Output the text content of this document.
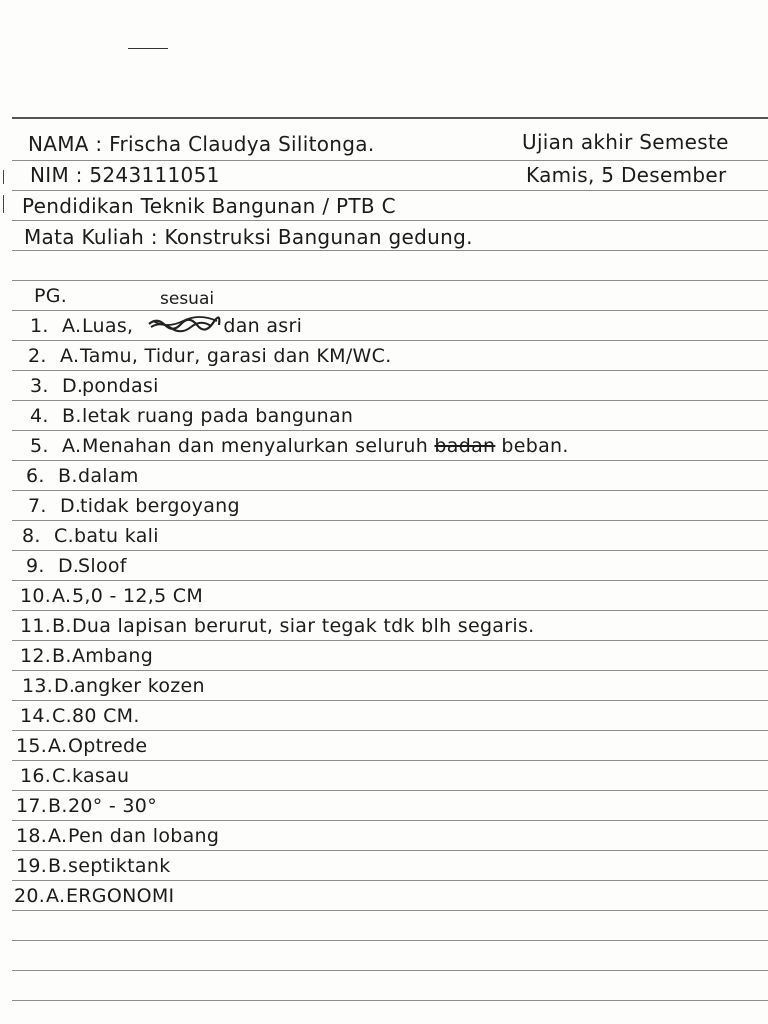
NAMA : Frischa Claudya Silitonga.	Ujian akhir Semeste
NIM : 5243111051	Kamis, 5 Desember
Pendidikan Teknik Bangunan / PTB C
Mata Kuliah : Konstruksi Bangunan gedung.
PG.	sesuai
1. A.Luas,	dan asri
2. A.Tamu, Tidur, garasi dan KM/WC.
3. D.pondasi
4. B.letak ruang pada bangunan
5. A.Menahan dan menyalurkan seluruh badan beban.
6. B.dalam
7. D.tidak bergoyang
8. C.batu kali
9. D.Sloof
10.A.5,0 - 12,5 CM
11.B.Dua lapisan berurut, siar tegak tdk blh segaris.
12.B.Ambang
13.D.angker kozen
14.C.80 CM.
15.A.Optrede
16.C.kasau
17.B.20° - 30°
18.A.Pen dan lobang
19.B.septiktank
20.A.ERGONOMI
